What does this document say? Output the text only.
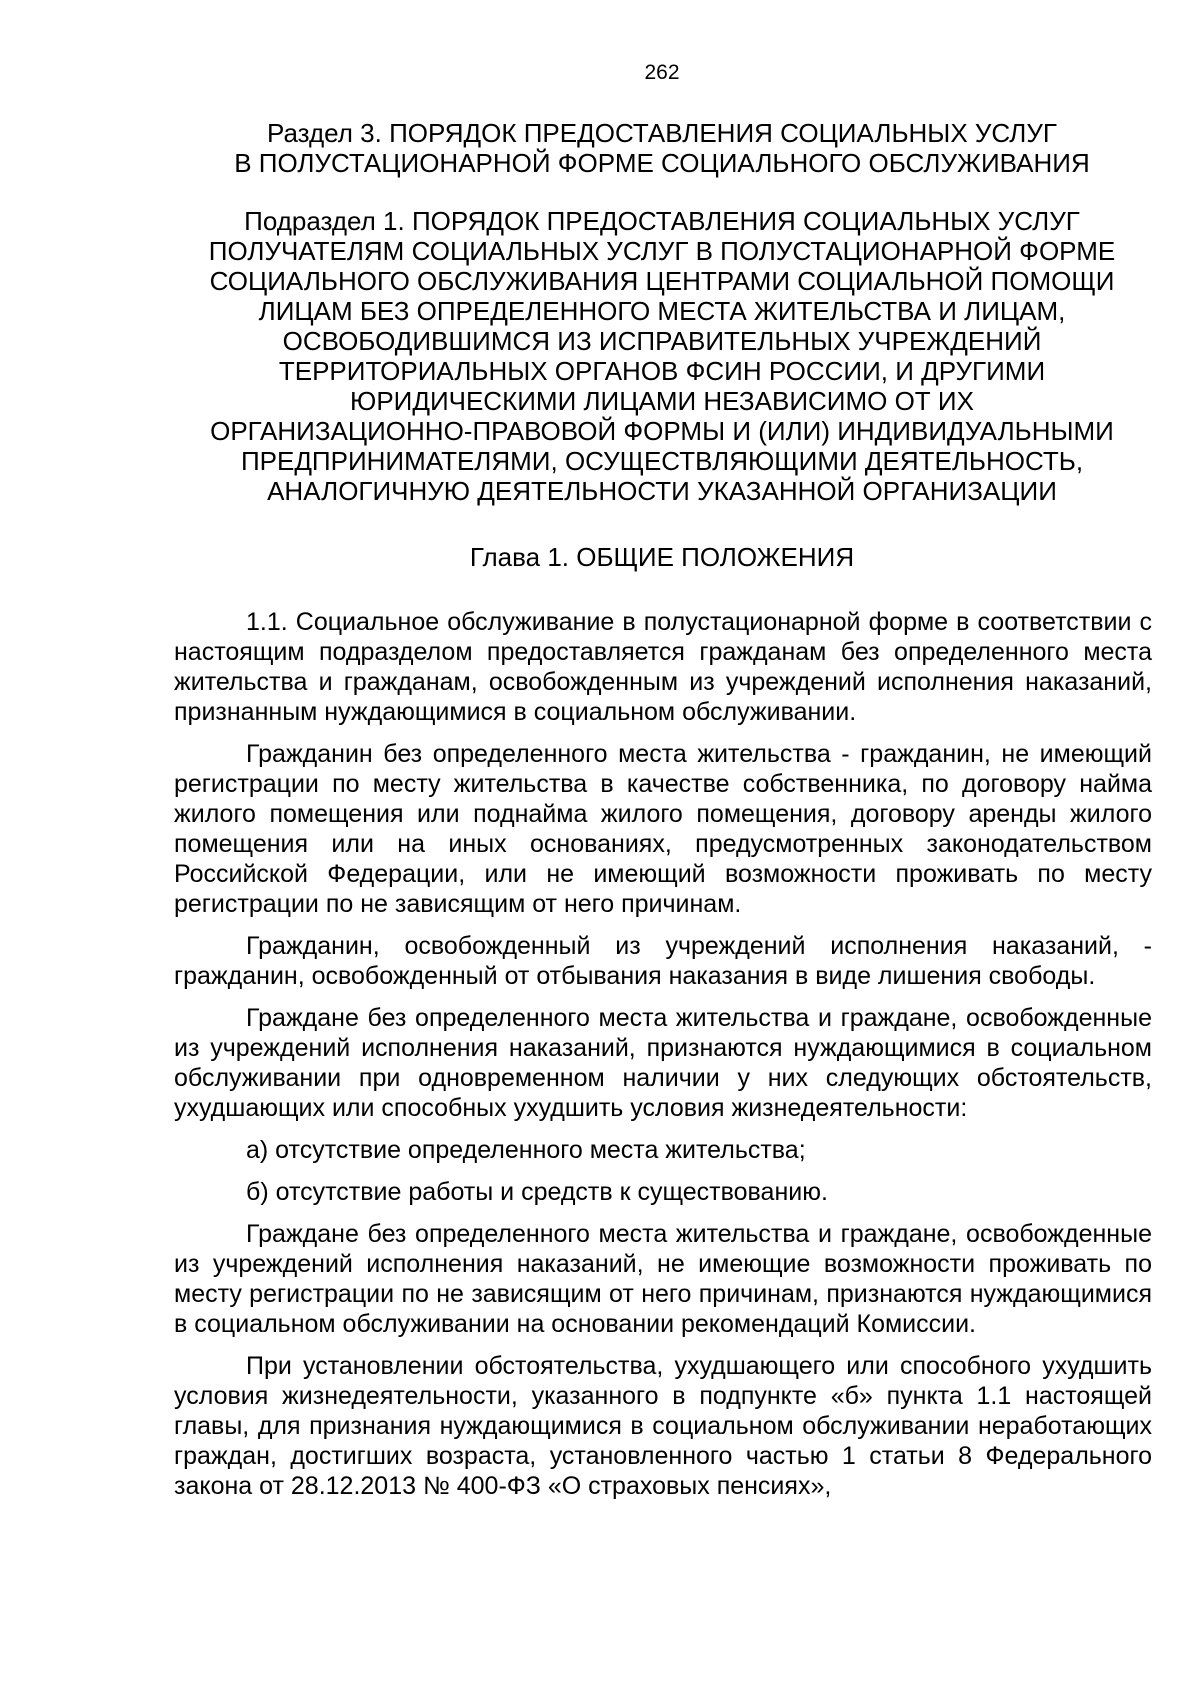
262
Раздел 3. ПОРЯДОК ПРЕДОСТАВЛЕНИЯ СОЦИАЛЬНЫХ УСЛУГ
В ПОЛУСТАЦИОНАРНОЙ ФОРМЕ СОЦИАЛЬНОГО ОБСЛУЖИВАНИЯ
Подраздел 1. ПОРЯДОК ПРЕДОСТАВЛЕНИЯ СОЦИАЛЬНЫХ УСЛУГ
ПОЛУЧАТЕЛЯМ СОЦИАЛЬНЫХ УСЛУГ В ПОЛУСТАЦИОНАРНОЙ ФОРМЕ
СОЦИАЛЬНОГО ОБСЛУЖИВАНИЯ ЦЕНТРАМИ СОЦИАЛЬНОЙ ПОМОЩИ
ЛИЦАМ БЕЗ ОПРЕДЕЛЕННОГО МЕСТА ЖИТЕЛЬСТВА И ЛИЦАМ,
ОСВОБОДИВШИМСЯ ИЗ ИСПРАВИТЕЛЬНЫХ УЧРЕЖДЕНИЙ
ТЕРРИТОРИАЛЬНЫХ ОРГАНОВ ФСИН РОССИИ, И ДРУГИМИ
ЮРИДИЧЕСКИМИ ЛИЦАМИ НЕЗАВИСИМО ОТ ИХ
ОРГАНИЗАЦИОННО-ПРАВОВОЙ ФОРМЫ И (ИЛИ) ИНДИВИДУАЛЬНЫМИ
ПРЕДПРИНИМАТЕЛЯМИ, ОСУЩЕСТВЛЯЮЩИМИ ДЕЯТЕЛЬНОСТЬ,
АНАЛОГИЧНУЮ ДЕЯТЕЛЬНОСТИ УКАЗАННОЙ ОРГАНИЗАЦИИ
Глава 1. ОБЩИЕ ПОЛОЖЕНИЯ

1.1. Социальное обслуживание в полустационарной форме в соответствии с настоящим подразделом предоставляется гражданам без определенного места жительства и гражданам, освобожденным из учреждений исполнения наказаний, признанным нуждающимися в социальном обслуживании.

Гражданин без определенного места жительства - гражданин, не имеющий регистрации по месту жительства в качестве собственника, по договору найма жилого помещения или поднайма жилого помещения, договору аренды жилого помещения или на иных основаниях, предусмотренных законодательством Российской Федерации, или не имеющий возможности проживать по месту регистрации по не зависящим от него причинам.

Гражданин, освобожденный из учреждений исполнения наказаний, - гражданин, освобожденный от отбывания наказания в виде лишения свободы.

Граждане без определенного места жительства и граждане, освобожденные из учреждений исполнения наказаний, признаются нуждающимися в социальном обслуживании при одновременном наличии у них следующих обстоятельств, ухудшающих или способных ухудшить условия жизнедеятельности:

а) отсутствие определенного места жительства;

б) отсутствие работы и средств к существованию.

Граждане без определенного места жительства и граждане, освобожденные из учреждений исполнения наказаний, не имеющие возможности проживать по месту регистрации по не зависящим от него причинам, признаются нуждающимися в социальном обслуживании на основании рекомендаций Комиссии.

При установлении обстоятельства, ухудшающего или способного ухудшить условия жизнедеятельности, указанного в подпункте «б» пункта 1.1 настоящей главы, для признания нуждающимися в социальном обслуживании неработающих граждан, достигших возраста, установленного частью 1 статьи 8 Федерального закона от 28.12.2013 № 400-ФЗ «О страховых пенсиях»,
